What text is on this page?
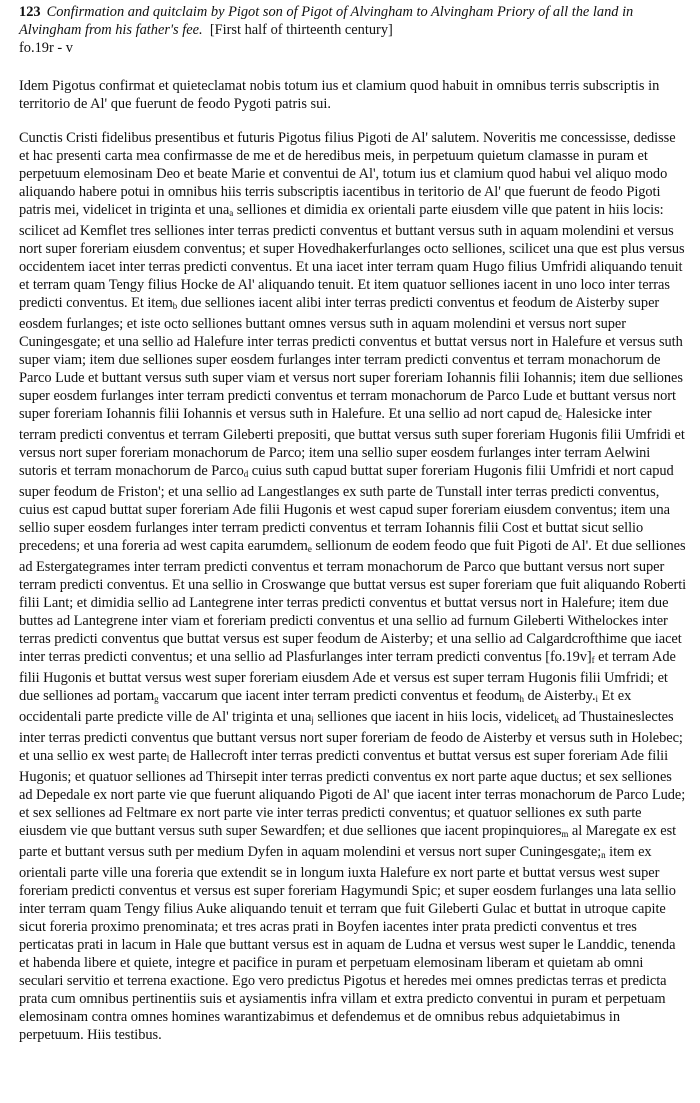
123 Confirmation and quitclaim by Pigot son of Pigot of Alvingham to Alvingham Priory of all the land in Alvingham from his father's fee. [First half of thirteenth century]

fo.19r - v

Idem Pigotus confirmat et quieteclamat nobis totum ius et clamium quod habuit in omnibus terris subscriptis in territorio de Al' que fuerunt de feodo Pygoti patris sui.

Cunctis Cristi fidelibus presentibus et futuris Pigotus filius Pigoti de Al' salutem. Noveritis me concessisse, dedisse et hac presenti carta mea confirmasse de me et de heredibus meis, in perpetuum quietum clamasse in puram et perpetuum elemosinam Deo et beate Marie et conventui de Al', totum ius et clamium quod habui vel aliquo modo aliquando habere potui in omnibus hiis terris subscriptis iacentibus in teritorio de Al' que fuerunt de feodo Pigoti patris mei, videlicet in triginta et unaa selliones et dimidia ex orientali parte eiusdem ville que patent in hiis locis: scilicet ad Kemflet tres selliones inter terras predicti conventus et buttant versus suth in aquam molendini et versus nort super foreriam eiusdem conventus; et super Hovedhakerfurlanges octo selliones, scilicet una que est plus versus occidentem iacet inter terras predicti conventus. Et una iacet inter terram quam Hugo filius Umfridi aliquando tenuit et terram quam Tengy filius Hocke de Al' aliquando tenuit. Et item quatuor selliones iacent in uno loco inter terras predicti conventus. Et itemb due selliones iacent alibi inter terras predicti conventus et feodum de Aisterby super eosdem furlanges; et iste octo selliones buttant omnes versus suth in aquam molendini et versus nort super Cuningesgate; et una sellio ad Halefure inter terras predicti conventus et buttat versus nort in Halefure et versus suth super viam; item due selliones super eosdem furlanges inter terram predicti conventus et terram monachorum de Parco Lude et buttant versus suth super viam et versus nort super foreriam Iohannis filii Iohannis; item due selliones super eosdem furlanges inter terram predicti conventus et terram monachorum de Parco Lude et buttant versus nort super foreriam Iohannis filii Iohannis et versus suth in Halefure. Et una sellio ad nort capud dec Halesicke inter terram predicti conventus et terram Gileberti prepositi, que buttat versus suth super foreriam Hugonis filii Umfridi et versus nort super foreriam monachorum de Parco; item una sellio super eosdem furlanges inter terram Aelwini sutoris et terram monachorum de Parcod cuius suth capud buttat super foreriam Hugonis filii Umfridi et nort capud super feodum de Friston'; et una sellio ad Langestlanges ex suth parte de Tunstall inter terras predicti conventus, cuius est capud buttat super foreriam Ade filii Hugonis et west capud super foreriam eiusdem conventus; item una sellio super eosdem furlanges inter terram predicti conventus et terram Iohannis filii Cost et buttat sicut sellio precedens; et una foreria ad west capita earumdeme sellionum de eodem feodo que fuit Pigoti de Al'. Et due selliones ad Estergategrames inter terram predicti conventus et terram monachorum de Parco que buttant versus nort super terram predicti conventus. Et una sellio in Croswange que buttat versus est super foreriam que fuit aliquando Roberti filii Lant; et dimidia sellio ad Lantegrene inter terras predicti conventus et buttat versus nort in Halefure; item due buttes ad Lantegrene inter viam et foreriam predicti conventus et una sellio ad furnum Gileberti Withelockes inter terras predicti conventus que buttat versus est super feodum de Aisterby; et una sellio ad Calgardcrofthime que iacet inter terras predicti conventus; et una sellio ad Plasfurlanges inter terram predicti conventus [fo.19v]f et terram Ade filii Hugonis et buttat versus west super foreriam eiusdem Ade et versus est super terram Hugonis filii Umfridi; et due selliones ad portamg vaccarum que iacent inter terram predicti conventus et feodumh de Aisterby.i Et ex occidentali parte predicte ville de Al' triginta et unaj selliones que iacent in hiis locis, videlicetk ad Thustaineslectes inter terras predicti conventus que buttant versus nort super foreriam de feodo de Aisterby et versus suth in Holebec; et una sellio ex west partel de Hallecroft inter terras predicti conventus et buttat versus est super foreriam Ade filii Hugonis; et quatuor selliones ad Thirsepit inter terras predicti conventus ex nort parte aque ductus; et sex selliones ad Depedale ex nort parte vie que fuerunt aliquando Pigoti de Al' que iacent inter terras monachorum de Parco Lude; et sex selliones ad Feltmare ex nort parte vie inter terras predicti conventus; et quatuor selliones ex suth parte eiusdem vie que buttant versus suth super Sewardfen; et due selliones que iacent propinquioresm al Maregate ex est parte et buttant versus suth per medium Dyfen in aquam molendini et versus nort super Cuningesgate;n item ex orientali parte ville una foreria que extendit se in longum iuxta Halefure ex nort parte et buttat versus west super foreriam predicti conventus et versus est super foreriam Hagymundi Spic; et super eosdem furlanges una lata sellio inter terram quam Tengy filius Auke aliquando tenuit et terram que fuit Gileberti Gulac et buttat in utroque capite sicut foreria proximo prenominata; et tres acras prati in Boyfen iacentes inter prata predicti conventus et tres perticatas prati in lacum in Hale que buttant versus est in aquam de Ludna et versus west super le Landdic, tenenda et habenda libere et quiete, integre et pacifice in puram et perpetuam elemosinam liberam et quietam ab omni seculari servitio et terrena exactione. Ego vero predictus Pigotus et heredes mei omnes predictas terras et predicta prata cum omnibus pertinentiis suis et aysiamentis infra villam et extra predicto conventui in puram et perpetuam elemosinam contra omnes homines warantizabimus et defendemus et de omnibus rebus adquietabimus in perpetuum. Hiis testibus.
